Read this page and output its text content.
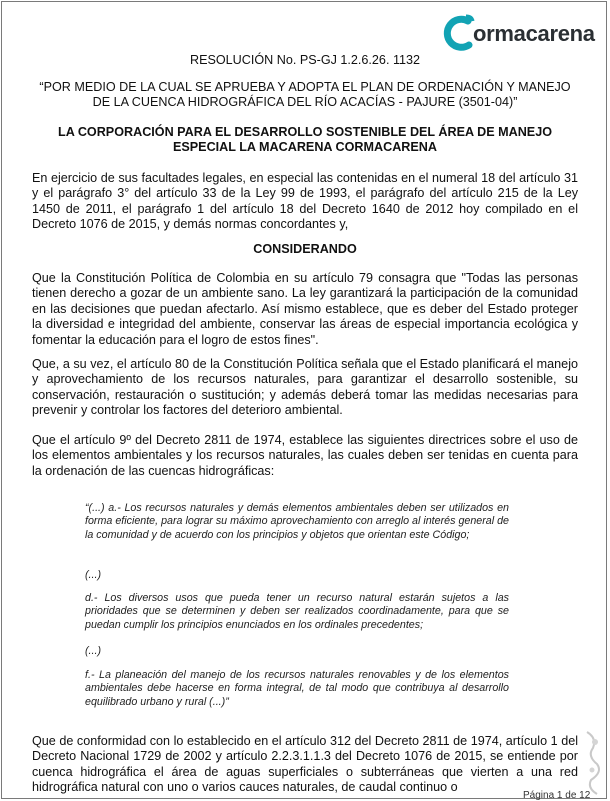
ormacarena
RESOLUCIÓN No. PS-GJ 1.2.6.26. 1132
“POR MEDIO DE LA CUAL SE APRUEBA Y ADOPTA EL PLAN DE ORDENACIÓN Y MANEJO DE LA CUENCA HIDROGRÁFICA DEL RÍO ACACÍAS - PAJURE (3501-04)”
LA CORPORACIÓN PARA EL DESARROLLO SOSTENIBLE DEL ÁREA DE MANEJO ESPECIAL LA MACARENA CORMACARENA
En ejercicio de sus facultades legales, en especial las contenidas en el numeral 18 del artículo 31 y el parágrafo 3° del artículo 33 de la Ley 99 de 1993, el parágrafo del artículo 215 de la Ley 1450 de 2011, el parágrafo 1 del artículo 18 del Decreto 1640 de 2012 hoy compilado en el Decreto 1076 de 2015, y demás normas concordantes y,
CONSIDERANDO
Que la Constitución Política de Colombia en su artículo 79 consagra que "Todas las personas tienen derecho a gozar de un ambiente sano. La ley garantizará la participación de la comunidad en las decisiones que puedan afectarlo. Así mismo establece, que es deber del Estado proteger la diversidad e integridad del ambiente, conservar las áreas de especial importancia ecológica y fomentar la educación para el logro de estos fines".
Que, a su vez, el artículo 80 de la Constitución Política señala que el Estado planificará el manejo y aprovechamiento de los recursos naturales, para garantizar el desarrollo sostenible, su conservación, restauración o sustitución; y además deberá tomar las medidas necesarias para prevenir y controlar los factores del deterioro ambiental.
Que el artículo 9º del Decreto 2811 de 1974, establece las siguientes directrices sobre el uso de los elementos ambientales y los recursos naturales, las cuales deben ser tenidas en cuenta para la ordenación de las cuencas hidrográficas:
“(...) a.- Los recursos naturales y demás elementos ambientales deben ser utilizados en forma eficiente, para lograr su máximo aprovechamiento con arreglo al interés general de la comunidad y de acuerdo con los principios y objetos que orientan este Código;
(...)
d.- Los diversos usos que pueda tener un recurso natural estarán sujetos a las prioridades que se determinen y deben ser realizados coordinadamente, para que se puedan cumplir los principios enunciados en los ordinales precedentes;
(...)
f.- La planeación del manejo de los recursos naturales renovables y de los elementos ambientales debe hacerse en forma integral, de tal modo que contribuya al desarrollo equilibrado urbano y rural (...)”
Que de conformidad con lo establecido en el artículo 312 del Decreto 2811 de 1974, artículo 1 del Decreto Nacional 1729 de 2002 y artículo 2.2.3.1.1.3 del Decreto 1076 de 2015, se entiende por cuenca hidrográfica el área de aguas superficiales o subterráneas que vierten a una red hidrográfica natural con uno o varios cauces naturales, de caudal continuo o
Página 1 de 12
